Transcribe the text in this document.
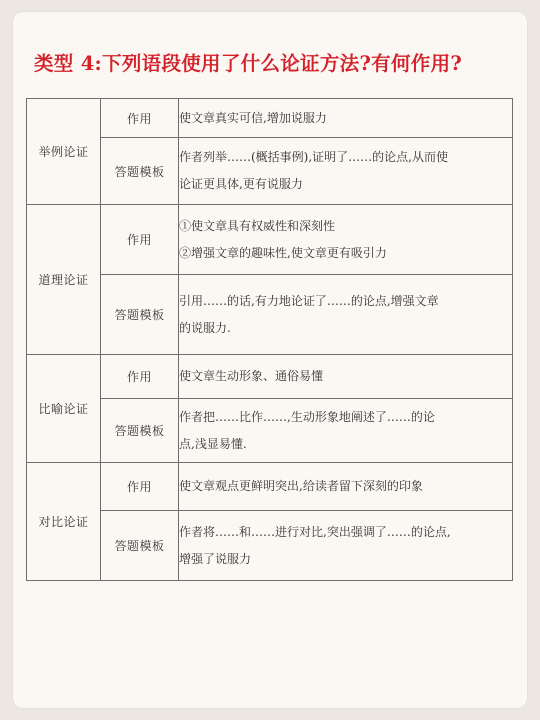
类型 4:下列语段使用了什么论证方法?有何作用?
举例论证	作用	使文章真实可信,增加说服力

	答题模板	作者列举……(概括事例),证明了……的论点,从而使
论证更具体,更有说服力

道理论证	作用	①使文章具有权威性和深刻性
②增强文章的趣味性,使文章更有吸引力

	答题模板	引用……的话,有力地论证了……的论点,增强文章
的说服力.

比喻论证	作用	使文章生动形象、通俗易懂

	答题模板	作者把……比作……,生动形象地阐述了……的论
点,浅显易懂.

对比论证	作用	使文章观点更鲜明突出,给读者留下深刻的印象

	答题模板	作者将……和……进行对比,突出强调了……的论点,
增强了说服力
